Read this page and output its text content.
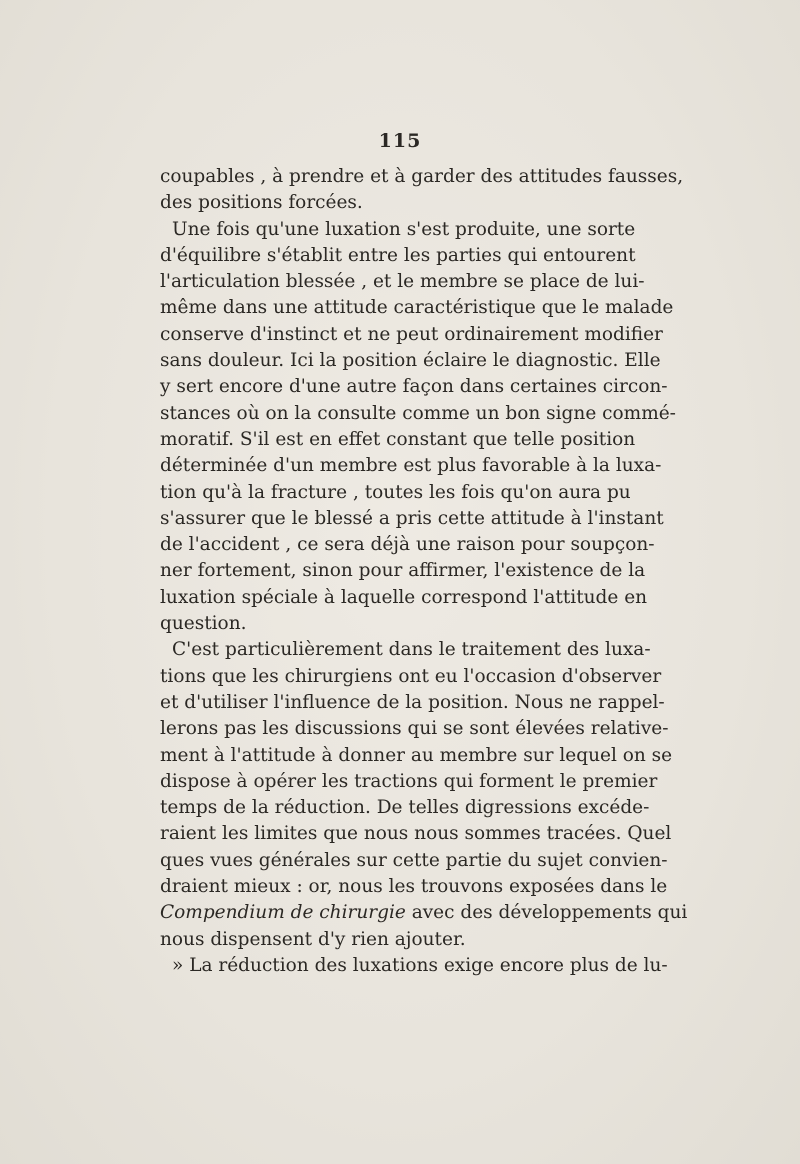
115
coupables , à prendre et à garder des attitudes fausses,
des positions forcées.
Une fois qu'une luxation s'est produite, une sorte
d'équilibre s'établit entre les parties qui entourent
l'articulation blessée , et le membre se place de lui-
même dans une attitude caractéristique que le malade
conserve d'instinct et ne peut ordinairement modifier
sans douleur. Ici la position éclaire le diagnostic. Elle
y sert encore d'une autre façon dans certaines circon-
stances où on la consulte comme un bon signe commé-
moratif. S'il est en effet constant que telle position
déterminée d'un membre est plus favorable à la luxa-
tion qu'à la fracture , toutes les fois qu'on aura pu
s'assurer que le blessé a pris cette attitude à l'instant
de l'accident , ce sera déjà une raison pour soupçon-
ner fortement, sinon pour affirmer, l'existence de la
luxation spéciale à laquelle correspond l'attitude en
question.
C'est particulièrement dans le traitement des luxa-
tions que les chirurgiens ont eu l'occasion d'observer
et d'utiliser l'influence de la position. Nous ne rappel-
lerons pas les discussions qui se sont élevées relative-
ment à l'attitude à donner au membre sur lequel on se
dispose à opérer les tractions qui forment le premier
temps de la réduction. De telles digressions excéde-
raient les limites que nous nous sommes tracées. Quel
ques vues générales sur cette partie du sujet convien-
draient mieux : or, nous les trouvons exposées dans le
Compendium de chirurgie avec des développements qui
nous dispensent d'y rien ajouter.
» La réduction des luxations exige encore plus de lu-
